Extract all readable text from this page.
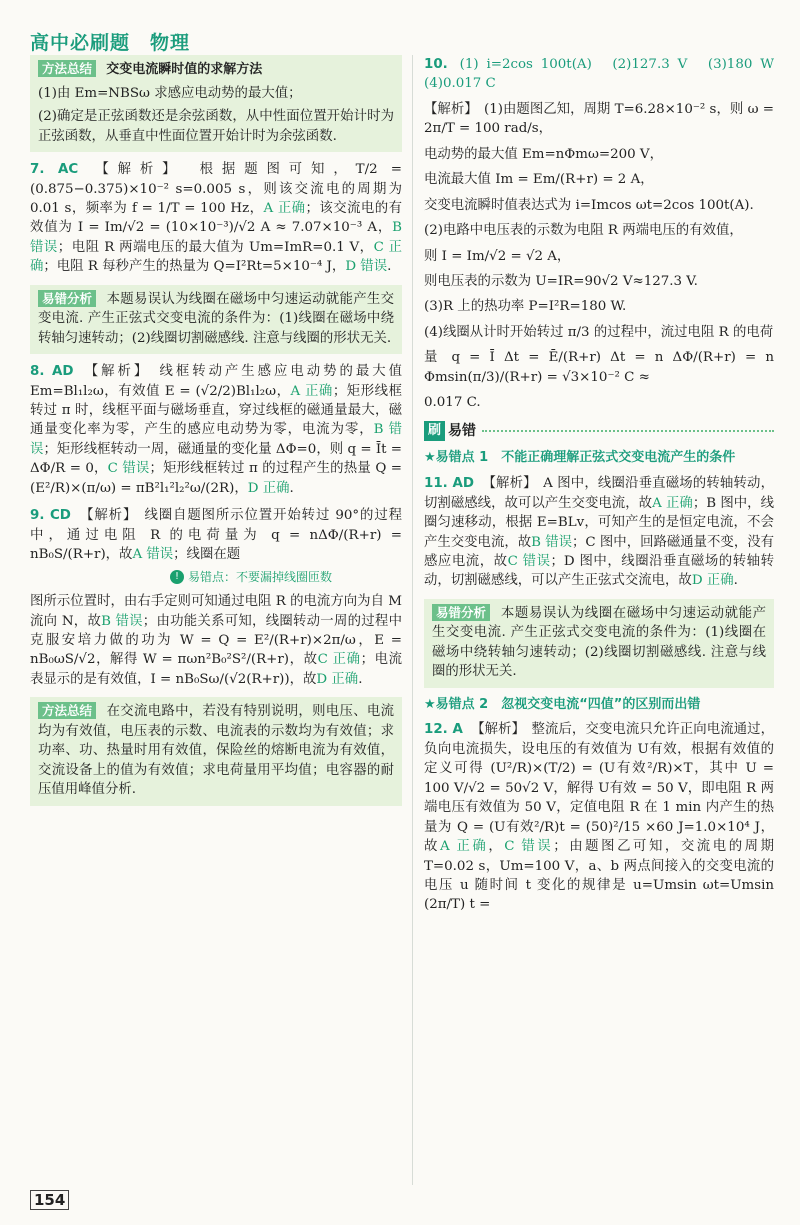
高中必刷题　物理

方法总结 交变电流瞬时值的求解方法

(1)由 Em=NBSω 求感应电动势的最大值；

(2)确定是正弦函数还是余弦函数，从中性面位置开始计时为正弦函数，从垂直中性面位置开始计时为余弦函数.

7. AC 【解析】 根据题图可知，T/2 =(0.875−0.375)×10⁻² s=0.005 s，则该交流电的周期为 0.01 s，频率为 f = 1/T = 100 Hz，A 正确；该交流电的有效值为 I = Im/√2 = (10×10⁻³)/√2 A ≈ 7.07×10⁻³ A，B 错误；电阻 R 两端电压的最大值为 Um=ImR=0.1 V，C 正确；电阻 R 每秒产生的热量为 Q=I²Rt=5×10⁻⁴ J，D 错误.

易错分析 本题易误认为线圈在磁场中匀速运动就能产生交变电流. 产生正弦式交变电流的条件为：(1)线圈在磁场中绕转轴匀速转动；(2)线圈切割磁感线. 注意与线圈的形状无关.

8. AD 【解析】 线框转动产生感应电动势的最大值 Em=Bl₁l₂ω，有效值 E = (√2/2)Bl₁l₂ω，A 正确；矩形线框转过 π 时，线框平面与磁场垂直，穿过线框的磁通量最大，磁通量变化率为零，产生的感应电动势为零，电流为零，B 错误；矩形线框转动一周，磁通量的变化量 ΔΦ=0，则 q = Īt = ΔΦ/R = 0，C 错误；矩形线框转过 π 的过程产生的热量 Q = (E²/R)×(π/ω) = πB²l₁²l₂²ω/(2R)，D 正确.

9. CD 【解析】 线圈自题图所示位置开始转过 90°的过程中，通过电阻 R 的电荷量为 q = nΔΦ/(R+r) = nB₀S/(R+r)，故A 错误；线圈在题

! 易错点：不要漏掉线圈匝数

图所示位置时，由右手定则可知通过电阻 R 的电流方向为自 M 流向 N，故B 错误；由功能关系可知，线圈转动一周的过程中克服安培力做的功为 W = Q = E²/(R+r)×2π/ω，E = nB₀ωS/√2，解得 W = πωn²B₀²S²/(R+r)，故C 正确；电流表显示的是有效值，I = nB₀Sω/(√2(R+r))，故D 正确.

方法总结 在交流电路中，若没有特别说明，则电压、电流均为有效值，电压表的示数、电流表的示数均为有效值；求功率、功、热量时用有效值，保险丝的熔断电流为有效值，交流设备上的值为有效值；求电荷量用平均值；电容器的耐压值用峰值分析.

10. (1) i=2cos 100t(A)　(2)127.3 V　(3)180 W　(4)0.017 C

【解析】 (1)由题图乙知，周期 T=6.28×10⁻² s，则 ω = 2π/T = 100 rad/s，

电动势的最大值 Em=nΦmω=200 V，

电流最大值 Im = Em/(R+r) = 2 A，

交变电流瞬时值表达式为 i=Imcos ωt=2cos 100t(A).

(2)电路中电压表的示数为电阻 R 两端电压的有效值，

则 I = Im/√2 = √2 A，

则电压表的示数为 U=IR=90√2 V≈127.3 V.

(3)R 上的热功率 P=I²R=180 W.

(4)线圈从计时开始转过 π/3 的过程中，流过电阻 R 的电荷

量 q = Ī Δt = Ē/(R+r) Δt = n ΔΦ/(R+r) = n Φmsin(π/3)/(R+r) = √3×10⁻² C ≈

0.017 C.

刷 易错
★易错点 1　不能正确理解正弦式交变电流产生的条件

11. AD 【解析】 A 图中，线圈沿垂直磁场的转轴转动，切割磁感线，故可以产生交变电流，故A 正确；B 图中，线圈匀速移动，根据 E=BLv，可知产生的是恒定电流，不会产生交变电流，故B 错误；C 图中，回路磁通量不变，没有感应电流，故C 错误；D 图中，线圈沿垂直磁场的转轴转动，切割磁感线，可以产生正弦式交流电，故D 正确.

易错分析 本题易误认为线圈在磁场中匀速运动就能产生交变电流. 产生正弦式交变电流的条件为：(1)线圈在磁场中绕转轴匀速转动；(2)线圈切割磁感线. 注意与线圈的形状无关.

★易错点 2　忽视交变电流“四值”的区别而出错

12. A 【解析】 整流后，交变电流只允许正向电流通过，负向电流损失，设电压的有效值为 U有效，根据有效值的定义可得 (U²/R)×(T/2) = (U有效²/R)×T，其中 U = 100 V/√2 = 50√2 V，解得 U有效 = 50 V，即电阻 R 两端电压有效值为 50 V，定值电阻 R 在 1 min 内产生的热量为 Q = (U有效²/R)t = (50)²/15 ×60 J=1.0×10⁴ J，故A 正确，C 错误；由题图乙可知，交流电的周期 T=0.02 s，Um=100 V，a、b 两点间接入的交变电流的电压 u 随时间 t 变化的规律是 u=Umsin ωt=Umsin (2π/T) t =

154
